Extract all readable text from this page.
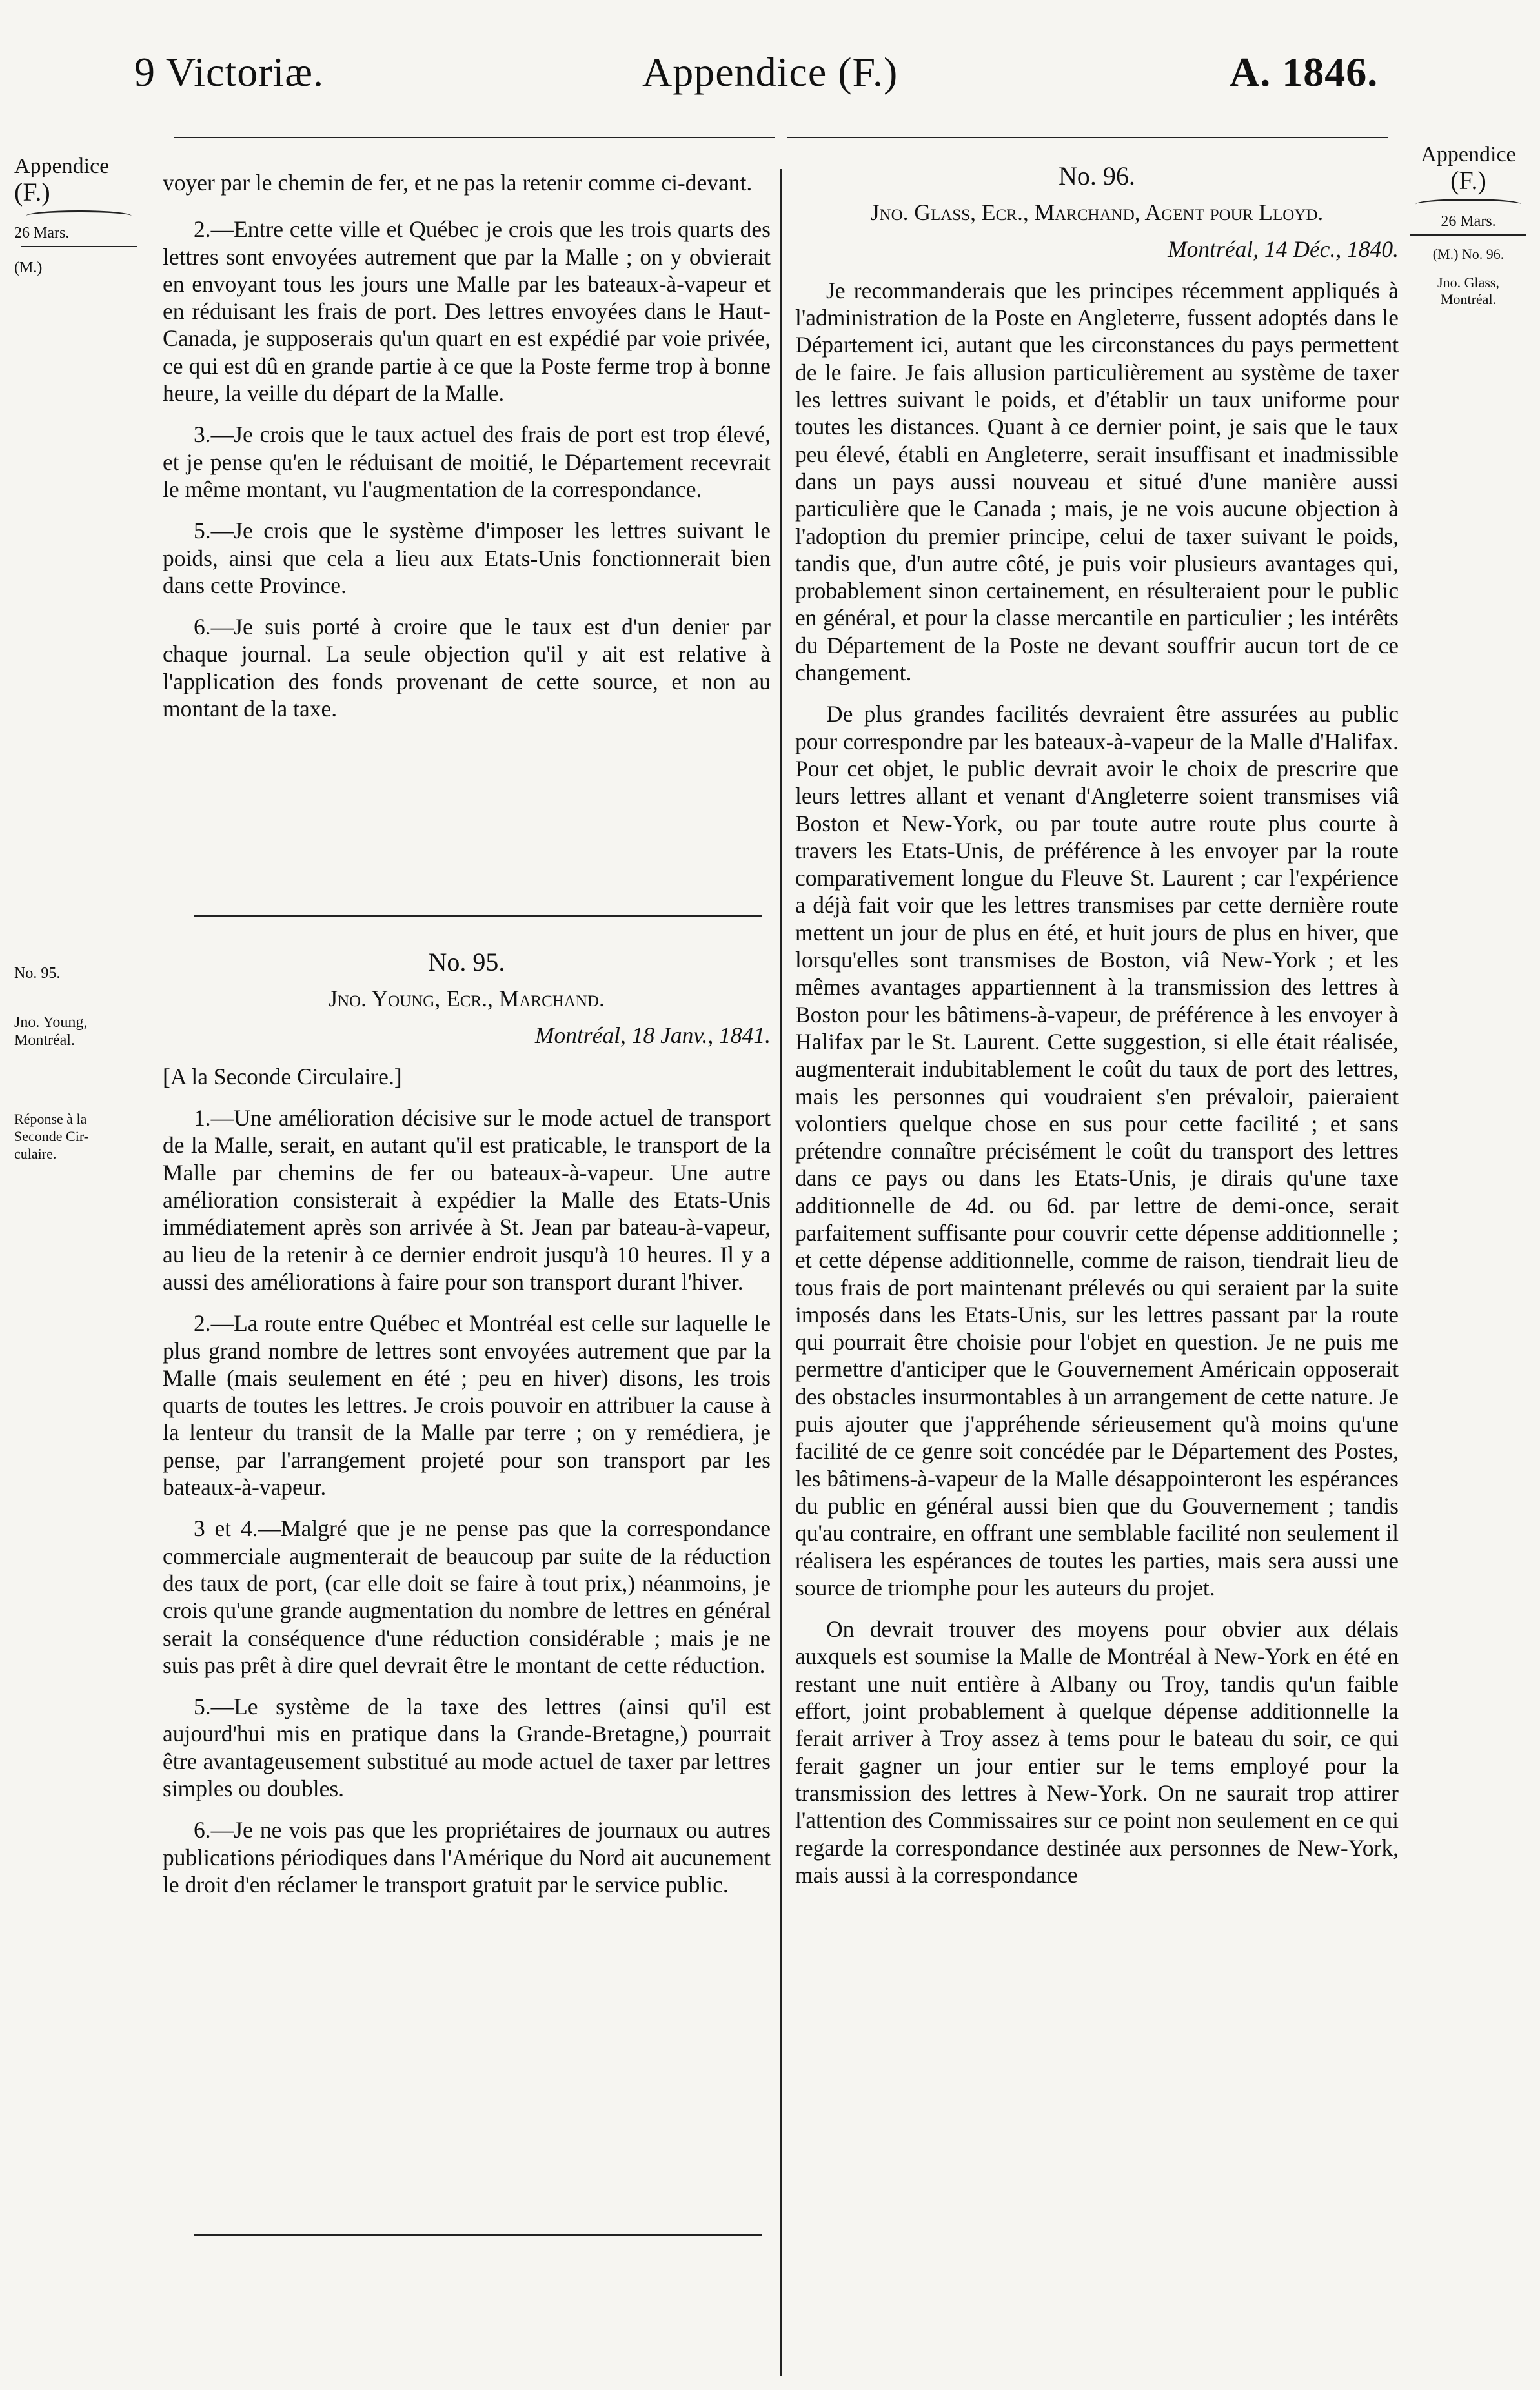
9 Victoriæ.	Appendice (F.)	A. 1846.
Appendice
(F.)
26 Mars.
(M.)
No. 95.
Jno. Young,
Montréal.
Réponse à la
Seconde Cir-
culaire.
Appendice
(F.)
26 Mars.
(M.) No. 96.
Jno. Glass,
Montréal.

voyer par le chemin de fer, et ne pas la retenir comme ci-devant.

2.—Entre cette ville et Québec je crois que les trois quarts des lettres sont envoyées autrement que par la Malle ; on y obvierait en envoyant tous les jours une Malle par les bateaux-à-vapeur et en réduisant les frais de port. Des lettres envoyées dans le Haut-Canada, je supposerais qu'un quart en est expédié par voie privée, ce qui est dû en grande partie à ce que la Poste ferme trop à bonne heure, la veille du départ de la Malle.

3.—Je crois que le taux actuel des frais de port est trop élevé, et je pense qu'en le réduisant de moitié, le Département recevrait le même montant, vu l'augmentation de la correspondance.

5.—Je crois que le système d'imposer les lettres suivant le poids, ainsi que cela a lieu aux Etats-Unis fonctionnerait bien dans cette Province.

6.—Je suis porté à croire que le taux est d'un denier par chaque journal. La seule objection qu'il y ait est relative à l'application des fonds provenant de cette source, et non au montant de la taxe.

No. 95.

Jno. Young, Ecr., Marchand.

Montréal, 18 Janv., 1841.

[A la Seconde Circulaire.]

1.—Une amélioration décisive sur le mode actuel de transport de la Malle, serait, en autant qu'il est praticable, le transport de la Malle par chemins de fer ou bateaux-à-vapeur. Une autre amélioration consisterait à expédier la Malle des Etats-Unis immédiatement après son arrivée à St. Jean par bateau-à-vapeur, au lieu de la retenir à ce dernier endroit jusqu'à 10 heures. Il y a aussi des améliorations à faire pour son transport durant l'hiver.

2.—La route entre Québec et Montréal est celle sur laquelle le plus grand nombre de lettres sont envoyées autrement que par la Malle (mais seulement en été ; peu en hiver) disons, les trois quarts de toutes les lettres. Je crois pouvoir en attribuer la cause à la lenteur du transit de la Malle par terre ; on y remédiera, je pense, par l'arrangement projeté pour son transport par les bateaux-à-vapeur.

3 et 4.—Malgré que je ne pense pas que la correspondance commerciale augmenterait de beaucoup par suite de la réduction des taux de port, (car elle doit se faire à tout prix,) néanmoins, je crois qu'une grande augmentation du nombre de lettres en général serait la conséquence d'une réduction considérable ; mais je ne suis pas prêt à dire quel devrait être le montant de cette réduction.

5.—Le système de la taxe des lettres (ainsi qu'il est aujourd'hui mis en pratique dans la Grande-Bretagne,) pourrait être avantageusement substitué au mode actuel de taxer par lettres simples ou doubles.

6.—Je ne vois pas que les propriétaires de journaux ou autres publications périodiques dans l'Amérique du Nord ait aucunement le droit d'en réclamer le transport gratuit par le service public.

No. 96.

Jno. Glass, Ecr., Marchand, Agent pour Lloyd.

Montréal, 14 Déc., 1840.

Je recommanderais que les principes récemment appliqués à l'administration de la Poste en Angleterre, fussent adoptés dans le Département ici, autant que les circonstances du pays permettent de le faire. Je fais allusion particulièrement au système de taxer les lettres suivant le poids, et d'établir un taux uniforme pour toutes les distances. Quant à ce dernier point, je sais que le taux peu élevé, établi en Angleterre, serait insuffisant et inadmissible dans un pays aussi nouveau et situé d'une manière aussi particulière que le Canada ; mais, je ne vois aucune objection à l'adoption du premier principe, celui de taxer suivant le poids, tandis que, d'un autre côté, je puis voir plusieurs avantages qui, probablement sinon certainement, en résulteraient pour le public en général, et pour la classe mercantile en particulier ; les intérêts du Département de la Poste ne devant souffrir aucun tort de ce changement.

De plus grandes facilités devraient être assurées au public pour correspondre par les bateaux-à-vapeur de la Malle d'Halifax. Pour cet objet, le public devrait avoir le choix de prescrire que leurs lettres allant et venant d'Angleterre soient transmises viâ Boston et New-York, ou par toute autre route plus courte à travers les Etats-Unis, de préférence à les envoyer par la route comparativement longue du Fleuve St. Laurent ; car l'expérience a déjà fait voir que les lettres transmises par cette dernière route mettent un jour de plus en été, et huit jours de plus en hiver, que lorsqu'elles sont transmises de Boston, viâ New-York ; et les mêmes avantages appartiennent à la transmission des lettres à Boston pour les bâtimens-à-vapeur, de préférence à les envoyer à Halifax par le St. Laurent. Cette suggestion, si elle était réalisée, augmenterait indubitablement le coût du taux de port des lettres, mais les personnes qui voudraient s'en prévaloir, paieraient volontiers quelque chose en sus pour cette facilité ; et sans prétendre connaître précisément le coût du transport des lettres dans ce pays ou dans les Etats-Unis, je dirais qu'une taxe additionnelle de 4d. ou 6d. par lettre de demi-once, serait parfaitement suffisante pour couvrir cette dépense additionnelle ; et cette dépense additionnelle, comme de raison, tiendrait lieu de tous frais de port maintenant prélevés ou qui seraient par la suite imposés dans les Etats-Unis, sur les lettres passant par la route qui pourrait être choisie pour l'objet en question. Je ne puis me permettre d'anticiper que le Gouvernement Américain opposerait des obstacles insurmontables à un arrangement de cette nature. Je puis ajouter que j'appréhende sérieusement qu'à moins qu'une facilité de ce genre soit concédée par le Département des Postes, les bâtimens-à-vapeur de la Malle désappointeront les espérances du public en général aussi bien que du Gouvernement ; tandis qu'au contraire, en offrant une semblable facilité non seulement il réalisera les espérances de toutes les parties, mais sera aussi une source de triomphe pour les auteurs du projet.

On devrait trouver des moyens pour obvier aux délais auxquels est soumise la Malle de Montréal à New-York en été en restant une nuit entière à Albany ou Troy, tandis qu'un faible effort, joint probablement à quelque dépense additionnelle la ferait arriver à Troy assez à tems pour le bateau du soir, ce qui ferait gagner un jour entier sur le tems employé pour la transmission des lettres à New-York. On ne saurait trop attirer l'attention des Commissaires sur ce point non seulement en ce qui regarde la correspondance destinée aux personnes de New-York, mais aussi à la correspondance
